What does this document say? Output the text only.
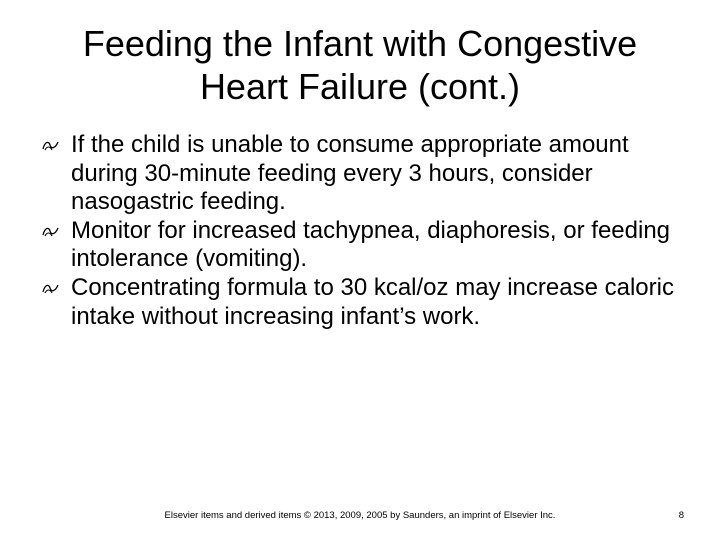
Feeding the Infant with Congestive Heart Failure (cont.)
If the child is unable to consume appropriate amount during 30-minute feeding every 3 hours, consider nasogastric feeding.
Monitor for increased tachypnea, diaphoresis, or feeding intolerance (vomiting).
Concentrating formula to 30 kcal/oz may increase caloric intake without increasing infant’s work.
Elsevier items and derived items © 2013, 2009, 2005 by Saunders, an imprint of Elsevier Inc.	8
